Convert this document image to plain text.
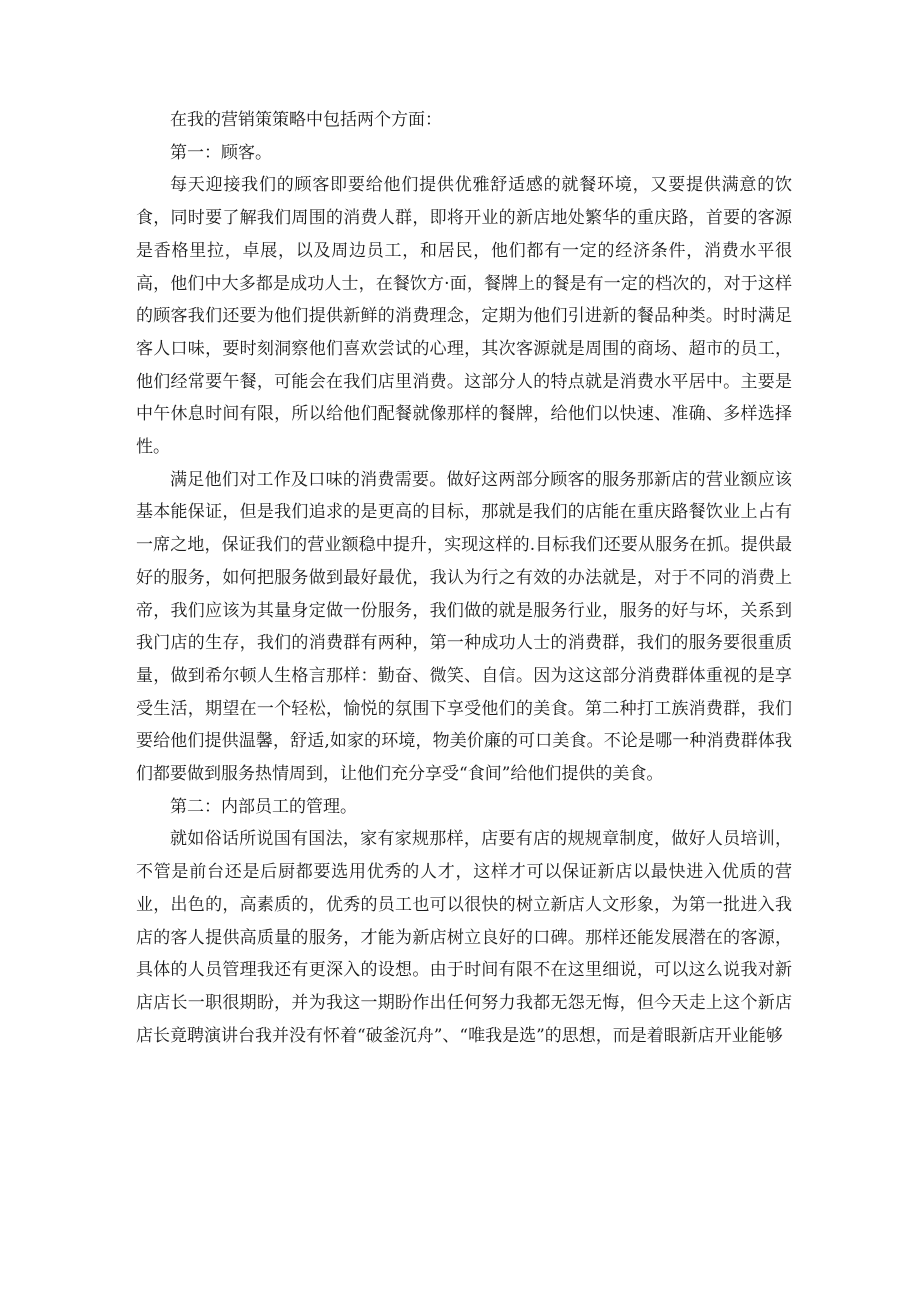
在我的营销策策略中包括两个方面：

第一：顾客。

每天迎接我们的顾客即要给他们提供优雅舒适感的就餐环境，又要提供满意的饮食，同时要了解我们周围的消费人群，即将开业的新店地处繁华的重庆路，首要的客源是香格里拉，卓展，以及周边员工，和居民，他们都有一定的经济条件，消费水平很高，他们中大多都是成功人士，在餐饮方·面，餐牌上的餐是有一定的档次的，对于这样的顾客我们还要为他们提供新鲜的消费理念，定期为他们引进新的餐品种类。时时满足客人口味，要时刻洞察他们喜欢尝试的心理，其次客源就是周围的商场、超市的员工，他们经常要午餐，可能会在我们店里消费。这部分人的特点就是消费水平居中。主要是中午休息时间有限，所以给他们配餐就像那样的餐牌，给他们以快速、准确、多样选择性。

满足他们对工作及口味的消费需要。做好这两部分顾客的服务那新店的营业额应该基本能保证，但是我们追求的是更高的目标，那就是我们的店能在重庆路餐饮业上占有一席之地，保证我们的营业额稳中提升，实现这样的.目标我们还要从服务在抓。提供最好的服务，如何把服务做到最好最优，我认为行之有效的办法就是，对于不同的消费上帝，我们应该为其量身定做一份服务，我们做的就是服务行业，服务的好与坏，关系到我门店的生存，我们的消费群有两种，第一种成功人士的消费群，我们的服务要很重质量，做到希尔顿人生格言那样：勤奋、微笑、自信。因为这这部分消费群体重视的是享受生活，期望在一个轻松，愉悦的氛围下享受他们的美食。第二种打工族消费群，我们要给他们提供温馨，舒适,如家的环境，物美价廉的可口美食。不论是哪一种消费群体我们都要做到服务热情周到，让他们充分享受“食间”给他们提供的美食。

第二：内部员工的管理。

就如俗话所说国有国法，家有家规那样，店要有店的规规章制度，做好人员培训，不管是前台还是后厨都要选用优秀的人才，这样才可以保证新店以最快进入优质的营业，出色的，高素质的，优秀的员工也可以很快的树立新店人文形象，为第一批进入我店的客人提供高质量的服务，才能为新店树立良好的口碑。那样还能发展潜在的客源，具体的人员管理我还有更深入的设想。由于时间有限不在这里细说，可以这么说我对新店店长一职很期盼，并为我这一期盼作出任何努力我都无怨无悔，但今天走上这个新店店长竟聘演讲台我并没有怀着“破釜沉舟”、“唯我是选”的思想，而是着眼新店开业能够
